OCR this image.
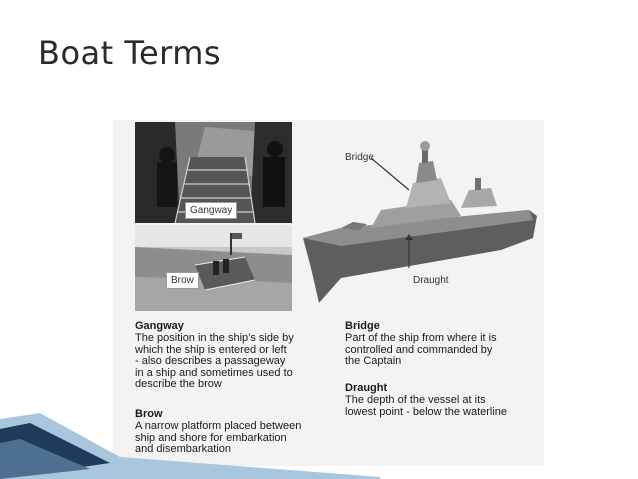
Boat Terms
Gangway
Brow
Bridge
Draught
Gangway
The position in the ship’s side by
which the ship is entered or left
- also describes a passageway
in a ship and sometimes used to
describe the brow
Brow
A narrow platform placed between
ship and shore for embarkation
and disembarkation
Bridge
Part of the ship from where it is
controlled and commanded by
the Captain
Draught
The depth of the vessel at its
lowest point - below the waterline
